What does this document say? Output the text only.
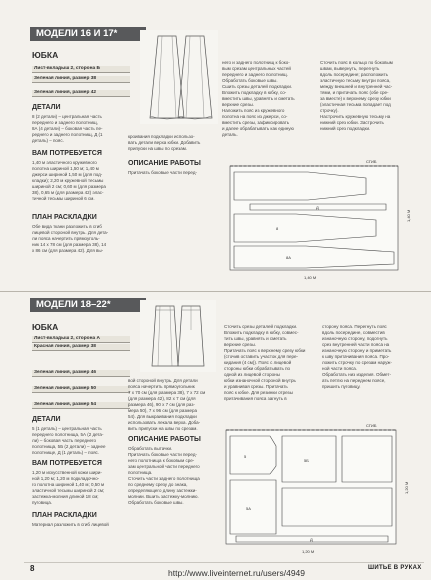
МОДЕЛИ 16 И 17*
ЮБКА
Лист-вкладыш 2, сторона Б
Зеленая линия, размер 38
Зеленая линия, размер 42
ДЕТАЛИ
8 (2 детали) – центральная часть
переднего и заднего полотнищ,
8А (4 детали) – боковая часть пе-
реднего и заднего полотнищ, Д (1
деталь) – пояс.
ВАМ ПОТРЕБУЕТСЯ
1,40 м эластичного кружевного
полотна шириной 1,50 м; 1,40 м
джерси шириной 1,50 м (для под-
кладки); 2,20 м кружевной тесьмы
шириной 2 см; 0,60 м (для размера
38), 0,65 м (для размера 42) элас-
тичной тесьмы шириной 6 см.
ПЛАН РАСКЛАДКИ
Обе вида ткани разложить в сгиб
лицевой стороной внутрь. Для дета-
ли пояса начертить прямоуголь-
ник 14 х 78 см (для размера 38), 14
х 86 см (для размера 42). Для вы-
кроивания подкладки использо-
вать детали верха юбки. Добавить
припуски на швы по срезам.
ОПИСАНИЕ РАБОТЫ
Притачать боковые части перед-
него и заднего полотнищ к боко-
вым срезам центральных частей
переднего и заднего полотнищ.
Обработать боковые швы.
Сшить срезы деталей подкладки.
Вложить подкладку в юбку, со-
вместить швы, уравнять и сметать
верхние срезы.
Наложить пояс из кружевного
полотна на пояс из джерси, со-
вместить срезы, зафиксировать
и далее обрабатывать как единую
деталь.
Сточить пояс в кольцо по боковым
швам, вывернуть, перегнуть
вдоль посередине; расположить
эластичную тесьму внутри пояса,
между внешней и внутренней час-
тями, и притачать пояс (обе сре-
за вместе) к верхнему срезу юбки
(эластичная тесьма попадает под
строчку).
Настрочить кружевную тесьму на
нижний срез юбки. Застрочить
нижний срез подкладки.
СГИБ
Д
8
8А
1,40 М
1,40 М
МОДЕЛИ 18–22*
ЮБКА
Лист-вкладыш 2, сторона А
Красная линия, размер 38
Зеленая линия, размер 46
Зеленая линия, размер 50
Зеленая линия, размер 54
ДЕТАЛИ
5 (1 деталь) – центральная часть
переднего полотнища, 5А (2 дета-
ли) – боковая часть переднего
полотнища, 5Б (2 детали) – заднее
полотнище, Д (1 деталь) – пояс.
ВАМ ПОТРЕБУЕТСЯ
1,20 м искусственной кожи шири-
ной 1,20 м; 1,20 м подкладочно-
го полотна шириной 1,40 м; 0,50 м
эластичной тесьмы шириной 2 см;
застежка-молния длиной 18 см;
пуговица.
ПЛАН РАСКЛАДКИ
Материал разложить в сгиб лицевой
вой стороной внутрь. Для детали
пояса начертить прямоугольник
7 х 70 см (для размера 38), 7 х 72 см
(для размера 42), 82 х 7 см (для
размера 46), 90 х 7 см (для раз-
мера 50), 7 х 96 см (для размера
54). Для выкраивания подкладки
использовать лекала верха. Доба-
вить припуски на швы по срезам.
ОПИСАНИЕ РАБОТЫ
Обработать вытачки.
Притачать боковые части перед-
него полотнища к боковым сре-
зам центральной части переднего
полотнища.
Сточить части заднего полотнища
по среднему срезу до знака,
определяющего длину застежки-
молнии. Вшить застежку-молнию.
Обработать боковые швы.
Сточить срезы деталей подкладки.
Вложить подкладку в юбку, совмес-
тить швы, уравнять и сметать
верхние срезы.
Притачать пояс к верхнему срезу юбки
(сточив оставить участок для пере-
кидания (4 см)). Пояс с лицевой
стороны юбки обрабатывать по
одной из лицевой стороны
юбки изнаночной стороной внутрь
и уравнивая срезы. Притачать
пояс к юбке. Для резинки отрезы
притачивания пояса загнуть в
сторону пояса. Перегнуть пояс
вдоль посередине, совместив
изнаночную сторону, подогнуть
срез внутренней части пояса на
изнаночную сторону и приметать
к шву притачивания пояса. Про-
ложить строчку по срезам наруж-
ной части пояса.
Обработать низ изделия. Обмет-
ать петлю на переднем поясе,
пришить пуговицу.
СГИБ
5
5Б
5А
Д
1,20 М
1,20 М
8	http://www.liveinternet.ru/users/4949	ШИТЬЕ В РУКАХ
